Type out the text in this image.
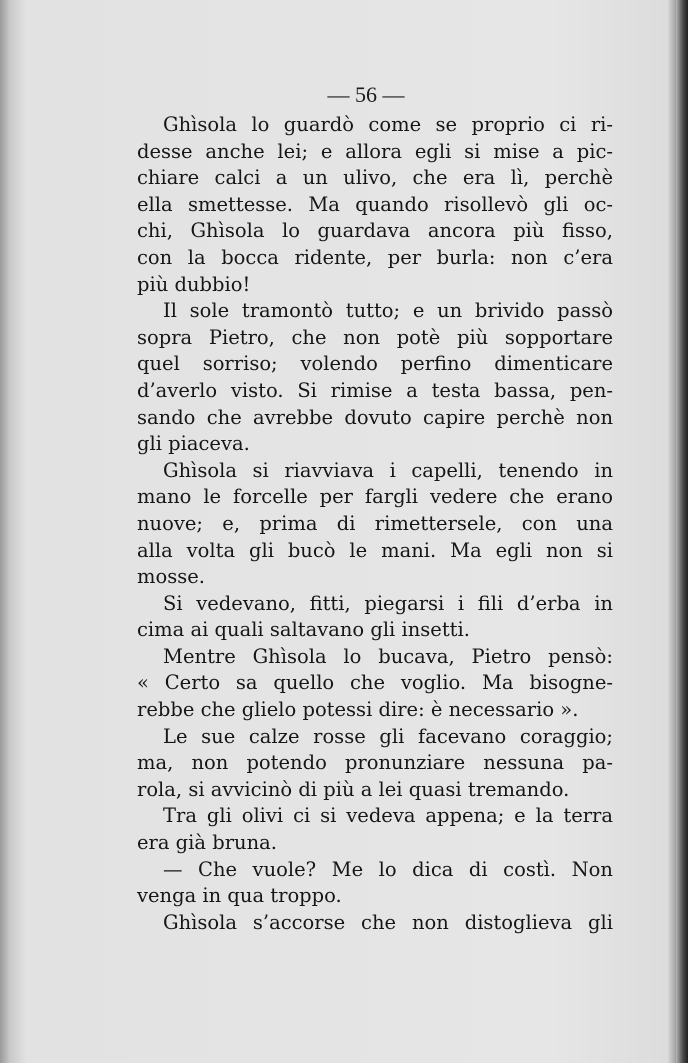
— 56 —
Ghìsola lo guardò come se proprio ci ri-
desse anche lei; e allora egli si mise a pic-
chiare calci a un ulivo, che era lì, perchè
ella smettesse. Ma quando risollevò gli oc-
chi, Ghìsola lo guardava ancora più fisso,
con la bocca ridente, per burla: non c’era
più dubbio!
Il sole tramontò tutto; e un brivido passò
sopra Pietro, che non potè più sopportare
quel sorriso; volendo perfino dimenticare
d’averlo visto. Si rimise a testa bassa, pen-
sando che avrebbe dovuto capire perchè non
gli piaceva.
Ghìsola si riavviava i capelli, tenendo in
mano le forcelle per fargli vedere che erano
nuove; e, prima di rimettersele, con una
alla volta gli bucò le mani. Ma egli non si
mosse.
Si vedevano, fitti, piegarsi i fili d’erba in
cima ai quali saltavano gli insetti.
Mentre Ghìsola lo bucava, Pietro pensò:
« Certo sa quello che voglio. Ma bisogne-
rebbe che glielo potessi dire: è necessario ».
Le sue calze rosse gli facevano coraggio;
ma, non potendo pronunziare nessuna pa-
rola, si avvicinò di più a lei quasi tremando.
Tra gli olivi ci si vedeva appena; e la terra
era già bruna.
— Che vuole? Me lo dica di costì. Non
venga in qua troppo.
Ghìsola s’accorse che non distoglieva gli
